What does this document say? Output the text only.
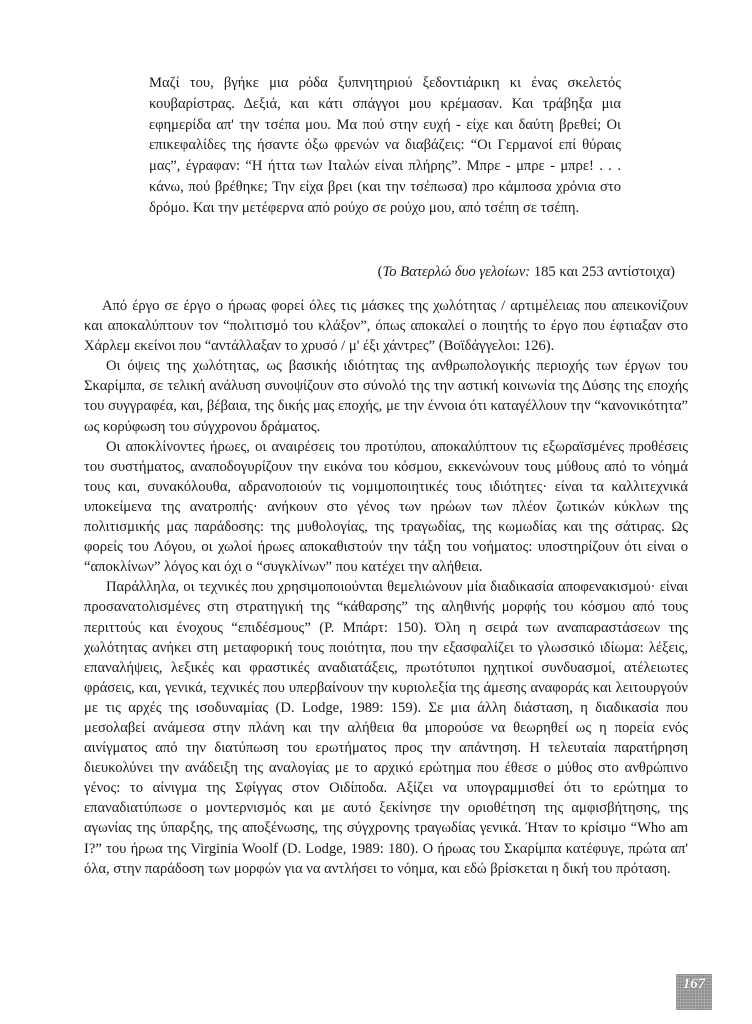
Μαζί του, βγήκε μια ρόδα ξυπνητηριού ξεδοντιάρικη κι ένας σκελετός κουβαρίστρας. Δεξιά, και κάτι σπάγγοι μου κρέμασαν. Και τράβηξα μια εφημερίδα απ' την τσέπα μου. Μα πού στην ευχή - είχε και δαύτη βρεθεί; Οι επικεφαλίδες της ήσαντε όξω φρενών να διαβάζεις: “Οι Γερμανοί επί θύραις μας”, έγραφαν: “Η ήττα των Ιταλών είναι πλήρης”. Μπρε - μπρε - μπρε! . . . κάνω, πού βρέθηκε; Την είχα βρει (και την τσέπωσα) προ κάμποσα χρόνια στο δρόμο. Και την μετέφερνα από ρούχο σε ρούχο μου, από τσέπη σε τσέπη.

(Το Βατερλώ δυο γελοίων: 185 και 253 αντίστοιχα)

Από έργο σε έργο ο ήρωας φορεί όλες τις μάσκες της χωλότητας / αρτιμέλειας που απεικονίζουν και αποκαλύπτουν τον “πολιτισμό του κλάξον”, όπως αποκαλεί ο ποιητής το έργο που έφτιαξαν στο Χάρλεμ εκείνοι που “αντάλλαξαν το χρυσό / μ' έξι χάντρες” (Βοϊδάγγελοι: 126).

Οι όψεις της χωλότητας, ως βασικής ιδιότητας της ανθρωπολογικής περιοχής των έργων του Σκαρίμπα, σε τελική ανάλυση συνοψίζουν στο σύνολό της την αστική κοινωνία της Δύσης της εποχής του συγγραφέα, και, βέβαια, της δικής μας εποχής, με την έννοια ότι καταγέλλουν την “κανονικότητα” ως κορύφωση του σύγχρονου δράματος.

Οι αποκλίνοντες ήρωες, οι αναιρέσεις του προτύπου, αποκαλύπτουν τις εξωραϊσμένες προθέσεις του συστήματος, αναποδογυρίζουν την εικόνα του κόσμου, εκκενώνουν τους μύθους από το νόημά τους και, συνακόλουθα, αδρανοποιούν τις νομιμοποιητικές τους ιδιότητες· είναι τα καλλιτεχνικά υποκείμενα της ανατροπής· ανήκουν στο γένος των ηρώων των πλέον ζωτικών κύκλων της πολιτισμικής μας παράδοσης: της μυθολογίας, της τραγωδίας, της κωμωδίας και της σάτιρας. Ως φορείς του Λόγου, οι χωλοί ήρωες αποκαθιστούν την τάξη του νοήματος: υποστηρίζουν ότι είναι ο “αποκλίνων” λόγος και όχι ο “συγκλίνων” που κατέχει την αλήθεια.

Παράλληλα, οι τεχνικές που χρησιμοποιούνται θεμελιώνουν μία διαδικασία αποφενακισμού· είναι προσανατολισμένες στη στρατηγική της “κάθαρσης” της αληθινής μορφής του κόσμου από τους περιττούς και ένοχους “επιδέσμους” (Ρ. Μπάρτ: 150). Όλη η σειρά των αναπαραστάσεων της χωλότητας ανήκει στη μεταφορική τους ποιότητα, που την εξασφαλίζει το γλωσσικό ιδίωμα: λέξεις, επαναλήψεις, λεξικές και φραστικές αναδιατάξεις, πρωτότυποι ηχητικοί συνδυασμοί, ατέλειωτες φράσεις, και, γενικά, τεχνικές που υπερβαίνουν την κυριολεξία της άμεσης αναφοράς και λειτουργούν με τις αρχές της ισοδυναμίας (D. Lodge, 1989: 159). Σε μια άλλη διάσταση, η διαδικασία που μεσολαβεί ανάμεσα στην πλάνη και την αλήθεια θα μπορούσε να θεωρηθεί ως η πορεία ενός αινίγματος από την διατύπωση του ερωτήματος προς την απάντηση. Η τελευταία παρατήρηση διευκολύνει την ανάδειξη της αναλογίας με το αρχικό ερώτημα που έθεσε ο μύθος στο ανθρώπινο γένος: το αίνιγμα της Σφίγγας στον Οιδίποδα. Αξίζει να υπογραμμισθεί ότι το ερώτημα το επαναδιατύπωσε ο μοντερνισμός και με αυτό ξεκίνησε την οριοθέτηση της αμφισβήτησης, της αγωνίας της ύπαρξης, της αποξένωσης, της σύγχρονης τραγωδίας γενικά. Ήταν το κρίσιμο “Who am I?” του ήρωα της Virginia Woolf (D. Lodge, 1989: 180). Ο ήρωας του Σκαρίμπα κατέφυγε, πρώτα απ' όλα, στην παράδοση των μορφών για να αντλήσει το νόημα, και εδώ βρίσκεται η δική του πρόταση.

167
